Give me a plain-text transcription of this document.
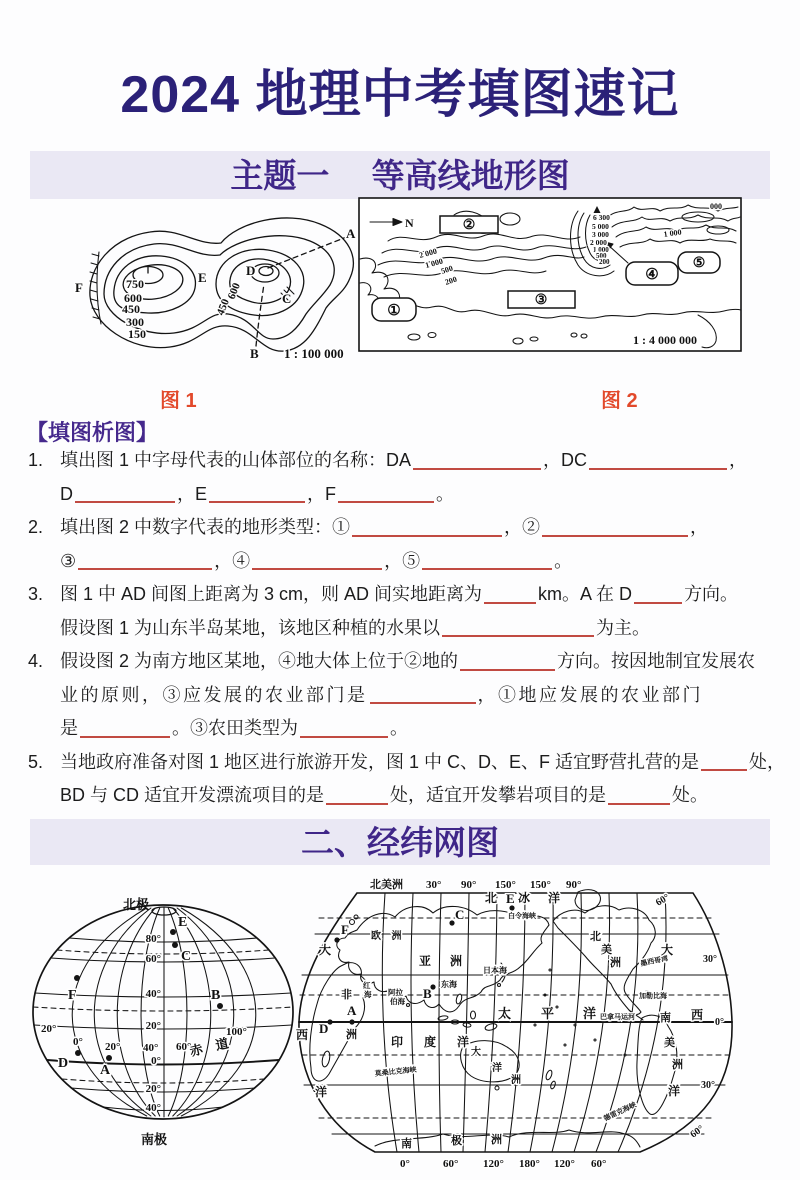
2024 地理中考填图速记
主题一　 等高线地形图
A
B
C
D
E
F	750
600
450
300
150
600
450
1 : 100 000
N
①
②
③
④
⑤
2 000
1 000
500
200
6 300
5 000
3 000
2 000
1 000
500
200
1 000
000
1 : 4 000 000
图 1	图 2
【填图析图】
1. 填出图 1 中字母代表的山体部位的名称：DA	，DC	，
D	，E	，F	。
2. 填出图 2 中数字代表的地形类型：①	，②	，
③	，④	，⑤	。
3. 图 1 中 AD 间图上距离为 3 cm，则 AD 间实地距离为	km。A 在 D	方向。
假设图 1 为山东半岛某地，该地区种植的水果以	为主。
4. 假设图 2 为南方地区某地，④地大体上位于②地的	方向。按因地制宜发展农
业的原则，③应发展的农业部门是	，①地应发展的农业部门
是	。③农田类型为	。
5. 当地政府准备对图 1 地区进行旅游开发，图 1 中 C、D、E、F 适宜野营扎营的是	处，
BD 与 CD 适宜开发漂流项目的是	处，适宜开发攀岩项目的是	处。
二、经纬网图
北极
南极
E
C
F	B
D A
80°
60°
40°
20°
0°
20°
40°
20°
0° 20° 40° 60°
100°
赤 道
北美洲 30° 90° 150° 150° 90°
0°	60° 120° 180° 120° 60°
60°
30°
0°
30°
60°
北 E 冰 洋
白令海峡
C
F
B
A
D
欧 洲
亚 洲
日本海
东海
阿拉
伯海
红
海
非
洲
大
西
洋
印 度 洋
莫桑比克海峡
大
洋
洲
太 平 洋 巴拿马运河
墨西哥湾
加勒比海
北
美
洲
南
美
洲
大
西
洋
德雷克海峡
南	极	洲
